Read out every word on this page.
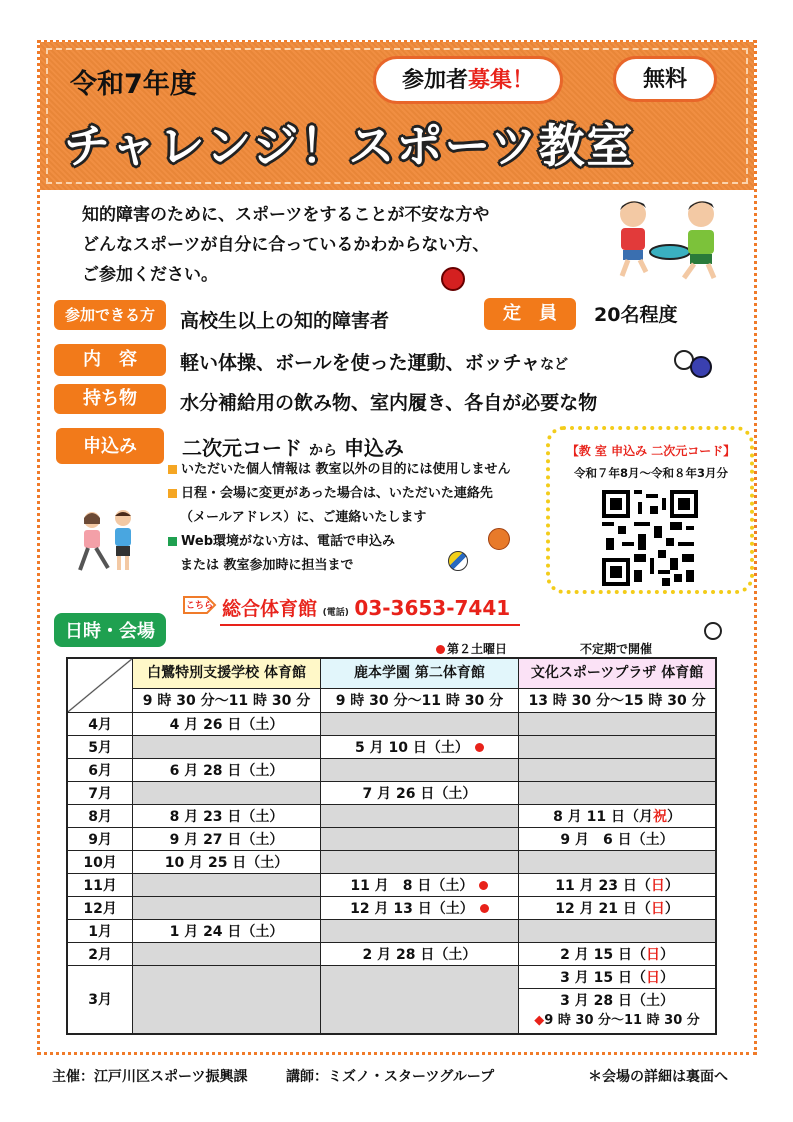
令和7年度	参加者募集！	無料
チャレンジ！スポーツ教室
知的障害のために、スポーツをすることが不安な方や
どんなスポーツが自分に合っているかわからない方、
ご参加ください。
参加できる方	高校生以上の知的障害者	定　員	20名程度
内　容	軽い体操、ボールを使った運動、ボッチャなど
持ち物	水分補給用の飲み物、室内履き、各自が必要な物
申込み	二次元コード から 申込み
いただいた個人情報は 教室以外の目的には使用しません
日程・会場に変更があった場合は、いただいた連絡先
（メールアドレス）に、ご連絡いたします
Web環境がない方は、電話で申込み
または 教室参加時に担当まで
【教 室 申込み 二次元コード】
令和７年8月～令和８年3月分
こちら 総合体育館 (電話) 03-3653-7441
日時・会場
第２土曜日	不定期で開催
	白鷺特別支援学校 体育館	鹿本学園 第二体育館	文化スポーツプラザ 体育館
	9 時 30 分～11 時 30 分	9 時 30 分～11 時 30 分	13 時 30 分～15 時 30 分
4月	4 月 26 日（土）		
5月		5 月 10 日（土）	
6月	6 月 28 日（土）		
7月		7 月 26 日（土）	
8月	8 月 23 日（土）		8 月 11 日（月祝）
9月	9 月 27 日（土）		9 月　6 日（土）
10月	10 月 25 日（土）		
11月		11 月　8 日（土）	11 月 23 日（日）
12月		12 月 13 日（土）	12 月 21 日（日）
1月	1 月 24 日（土）		
2月		2 月 28 日（土）	2 月 15 日（日）
3月			3 月 15 日（日）

			3 月 28 日（土）
◆9 時 30 分～11 時 30 分
主催：江戸川区スポーツ振興課	講師：ミズノ・スターツグループ	＊会場の詳細は裏面へ
